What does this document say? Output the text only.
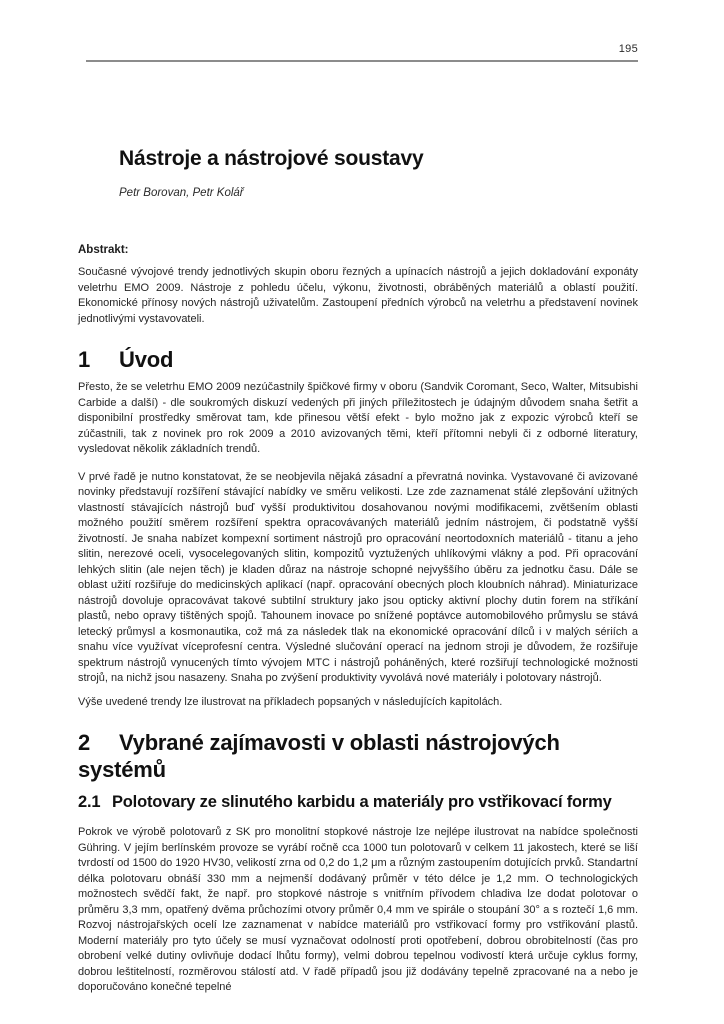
195
Nástroje a nástrojové soustavy

Petr Borovan, Petr Kolář

Abstrakt:

Současné vývojové trendy jednotlivých skupin oboru řezných a upínacích nástrojů a jejich dokladování exponáty veletrhu EMO 2009. Nástroje z pohledu účelu, výkonu, životnosti, obráběných materiálů a oblastí použití. Ekonomické přínosy nových nástrojů uživatelům. Zastoupení předních výrobců na veletrhu a představení novinek jednotlivými vystavovateli.

1 Úvod

Přesto, že se veletrhu EMO 2009 nezúčastnily špičkové firmy v oboru (Sandvik Coromant, Seco, Walter, Mitsubishi Carbide a další) - dle soukromých diskuzí vedených při jiných příležitostech je údajným důvodem snaha šetřit a disponibilní prostředky směrovat tam, kde přinesou větší efekt - bylo možno jak z expozic výrobců kteří se zúčastnili, tak z novinek pro rok 2009 a 2010 avizovaných těmi, kteří přítomni nebyli či z odborné literatury, vysledovat několik základních trendů.

V prvé řadě je nutno konstatovat, že se neobjevila nějaká zásadní a převratná novinka. Vystavované či avizované novinky představují rozšíření stávající nabídky ve směru velikosti. Lze zde zaznamenat stálé zlepšování užitných vlastností stávajících nástrojů buď vyšší produktivitou dosahovanou novými modifikacemi, zvětšením oblasti možného použití směrem rozšíření spektra opracovávaných materiálů jedním nástrojem, či podstatně vyšší životností. Je snaha nabízet kompexní sortiment nástrojů pro opracování neortodoxních materiálů - titanu a jeho slitin, nerezové oceli, vysocelegovaných slitin, kompozitů vyztužených uhlíkovými vlákny a pod. Při opracování lehkých slitin (ale nejen těch) je kladen důraz na nástroje schopné nejvyššího úběru za jednotku času. Dále se oblast užití rozšiřuje do medicinských aplikací (např. opracování obecných ploch kloubních náhrad). Miniaturizace nástrojů dovoluje opracovávat takové subtilní struktury jako jsou opticky aktivní plochy dutin forem na stříkání plastů, nebo opravy tištěných spojů. Tahounem inovace po snížené poptávce automobilového průmyslu se stává letecký průmysl a kosmonautika, což má za následek tlak na ekonomické opracování dílců i v malých sériích a snahu více využívat víceprofesní centra. Výsledné slučování operací na jednom stroji je důvodem, že rozšiřuje spektrum nástrojů vynucených tímto vývojem MTC i nástrojů poháněných, které rozšiřují technologické možnosti strojů, na nichž jsou nasazeny. Snaha po zvýšení produktivity vyvolává nové materiály i polotovary nástrojů.

Výše uvedené trendy lze ilustrovat na příkladech popsaných v následujících kapitolách.

2 Vybrané zajímavosti v oblasti nástrojových systémů
2.1 Polotovary ze slinutého karbidu a materiály pro vstřikovací formy

Pokrok ve výrobě polotovarů z SK pro monolitní stopkové nástroje lze nejlépe ilustrovat na nabídce společnosti Gühring. V jejím berlínském provoze se vyrábí ročně cca 1000 tun polotovarů v celkem 11 jakostech, které se liší tvrdostí od 1500 do 1920 HV30, velikostí zrna od 0,2 do 1,2 μm a různým zastoupením dotujících prvků. Standartní délka polotovaru obnáší 330 mm a nejmenší dodávaný průměr v této délce je 1,2 mm. O technologických možnostech svědčí fakt, že např. pro stopkové nástroje s vnitřním přívodem chladiva lze dodat polotovar o průměru 3,3 mm, opatřený dvěma průchozími otvory průměr 0,4 mm ve spirále o stoupání 30° a s roztečí 1,6 mm. Rozvoj nástrojařských ocelí lze zaznamenat v nabídce materiálů pro vstřikovací formy pro vstřikování plastů. Moderní materiály pro tyto účely se musí vyznačovat odolností proti opotřebení, dobrou obrobitelností (čas pro obrobení velké dutiny ovlivňuje dodací lhůtu formy), velmi dobrou tepelnou vodivostí která určuje cyklus formy, dobrou leštitelností, rozměrovou stálostí atd. V řadě případů jsou již dodávány tepelně zpracované na a nebo je doporučováno konečné tepelné
